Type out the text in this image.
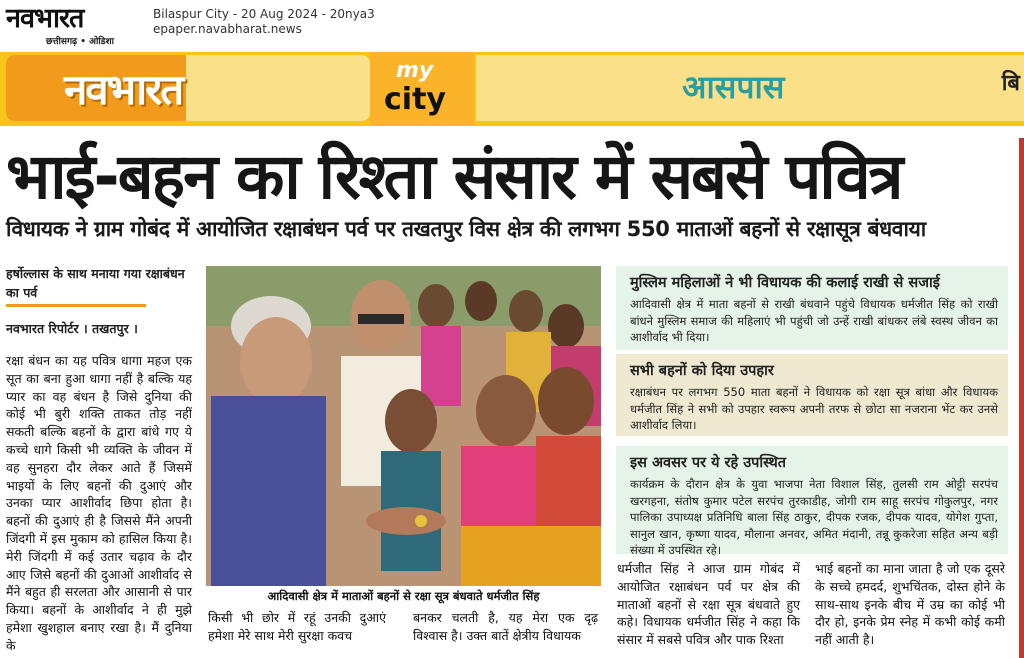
नवभारत
छत्तीसगढ़ • ओडिशा
Bilaspur City - 20 Aug 2024 - 20nya3
epaper.navabharat.news
नवभारत	my
city	आसपास	बि
भाई-बहन का रिश्ता संसार में सबसे पवित्र
विधायक ने ग्राम गोबंद में आयोजित रक्षाबंधन पर्व पर तखतपुर विस क्षेत्र की लगभग 550 माताओं बहनों से रक्षासूत्र बंधवाया
हर्षोल्लास के साथ मनाया गया रक्षाबंधन का पर्व
नवभारत रिपोर्टर । तखतपुर ।
रक्षा बंधन का यह पवित्र धागा महज एक सूत का बना हुआ धागा नहीं है बल्कि यह प्यार का वह बंधन है जिसे दुनिया की कोई भी बुरी शक्ति ताकत तोड़ नहीं सकती बल्कि बहनों के द्वारा बांधे गए ये कच्चे धागे किसी भी व्यक्ति के जीवन में वह सुनहरा दौर लेकर आते हैं जिसमें भाइयों के लिए बहनों की दुआएं और उनका प्यार आशीर्वाद छिपा होता है। बहनों की दुआएं ही है जिससे मैंने अपनी जिंदगी में इस मुकाम को हासिल किया है। मेरी जिंदगी में कई उतार चढ़ाव के दौर आए जिसे बहनों की दुआओं आशीर्वाद से मैंने बहुत ही सरलता और आसानी से पार किया। बहनों के आशीर्वाद ने ही मुझे हमेशा खुशहाल बनाए रखा है। मैं दुनिया के
आदिवासी क्षेत्र में माताओं बहनों से रक्षा सूत्र बंधवाते धर्मजीत सिंह
किसी भी छोर में रहूं उनकी दुआएं हमेशा मेरे साथ मेरी सुरक्षा कवच
बनकर चलती है, यह मेरा एक दृढ़ विश्वास है। उक्त बातें क्षेत्रीय विधायक
मुस्लिम महिलाओं ने भी विधायक की कलाई राखी से सजाई

आदिवासी क्षेत्र में माता बहनों से राखी बंधवाने पहुंचे विधायक धर्मजीत सिंह को राखी बांधने मुस्लिम समाज की महिलाएं भी पहुंची जो उन्हें राखी बांधकर लंबे स्वस्थ जीवन का आशीर्वाद भी दिया।

सभी बहनों को दिया उपहार

रक्षाबंधन पर लगभग 550 माता बहनों ने विधायक को रक्षा सूत्र बांधा और विधायक धर्मजीत सिंह ने सभी को उपहार स्वरूप अपनी तरफ से छोटा सा नजराना भेंट कर उनसे आशीर्वाद लिया।

इस अवसर पर ये रहे उपस्थित

कार्यक्रम के दौरान क्षेत्र के युवा भाजपा नेता विशाल सिंह, तुलसी राम ओट्टी सरपंच खरगहना, संतोष कुमार पटेल सरपंच तुरकाडीह, जोगी राम साहू सरपंच गोकुलपुर, नगर पालिका उपाध्यक्ष प्रतिनिधि बाला सिंह ठाकुर, दीपक रजक, दीपक यादव, योगेश गुप्ता, सानुल खान, कृष्णा यादव, मौलाना अनवर, अमित मंदानी, तन्नू कुकरेजा सहित अन्य बड़ी संख्या में उपस्थित रहे।

धर्मजीत सिंह ने आज ग्राम गोबंद में आयोजित रक्षाबंधन पर्व पर क्षेत्र की माताओं बहनों से रक्षा सूत्र बंधवाते हुए कहे। विधायक धर्मजीत सिंह ने कहा कि संसार में सबसे पवित्र और पाक रिश्ता
भाई बहनों का माना जाता है जो एक दूसरे के सच्चे हमदर्द, शुभचिंतक, दोस्त होने के साथ-साथ इनके बीच में उम्र का कोई भी दौर हो, इनके प्रेम स्नेह में कभी कोई कमी नहीं आती है।
